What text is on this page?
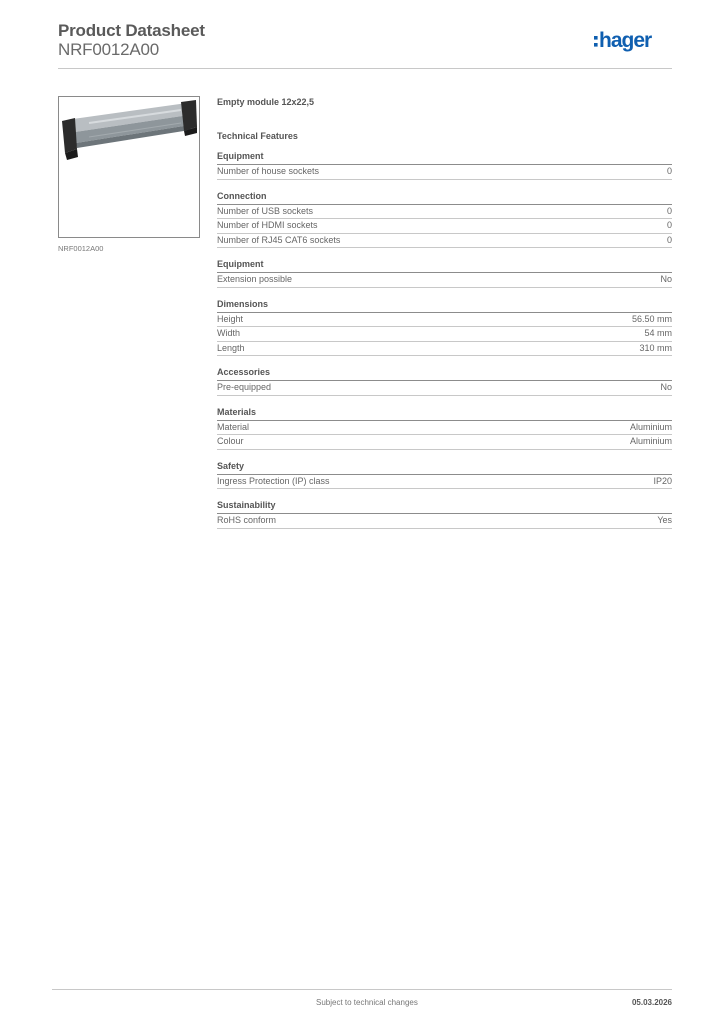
Product Datasheet
NRF0012A00	hager
NRF0012A00
Empty module 12x22,5
Technical Features
Equipment
Number of house sockets	0
Connection
Number of USB sockets	0
Number of HDMI sockets	0
Number of RJ45 CAT6 sockets	0
Equipment
Extension possible	No
Dimensions
Height	56.50 mm
Width	54 mm
Length	310 mm
Accessories
Pre-equipped	No
Materials
Material	Aluminium
Colour	Aluminium
Safety
Ingress Protection (IP) class	IP20
Sustainability
RoHS conform	Yes
Subject to technical changes	05.03.2026
